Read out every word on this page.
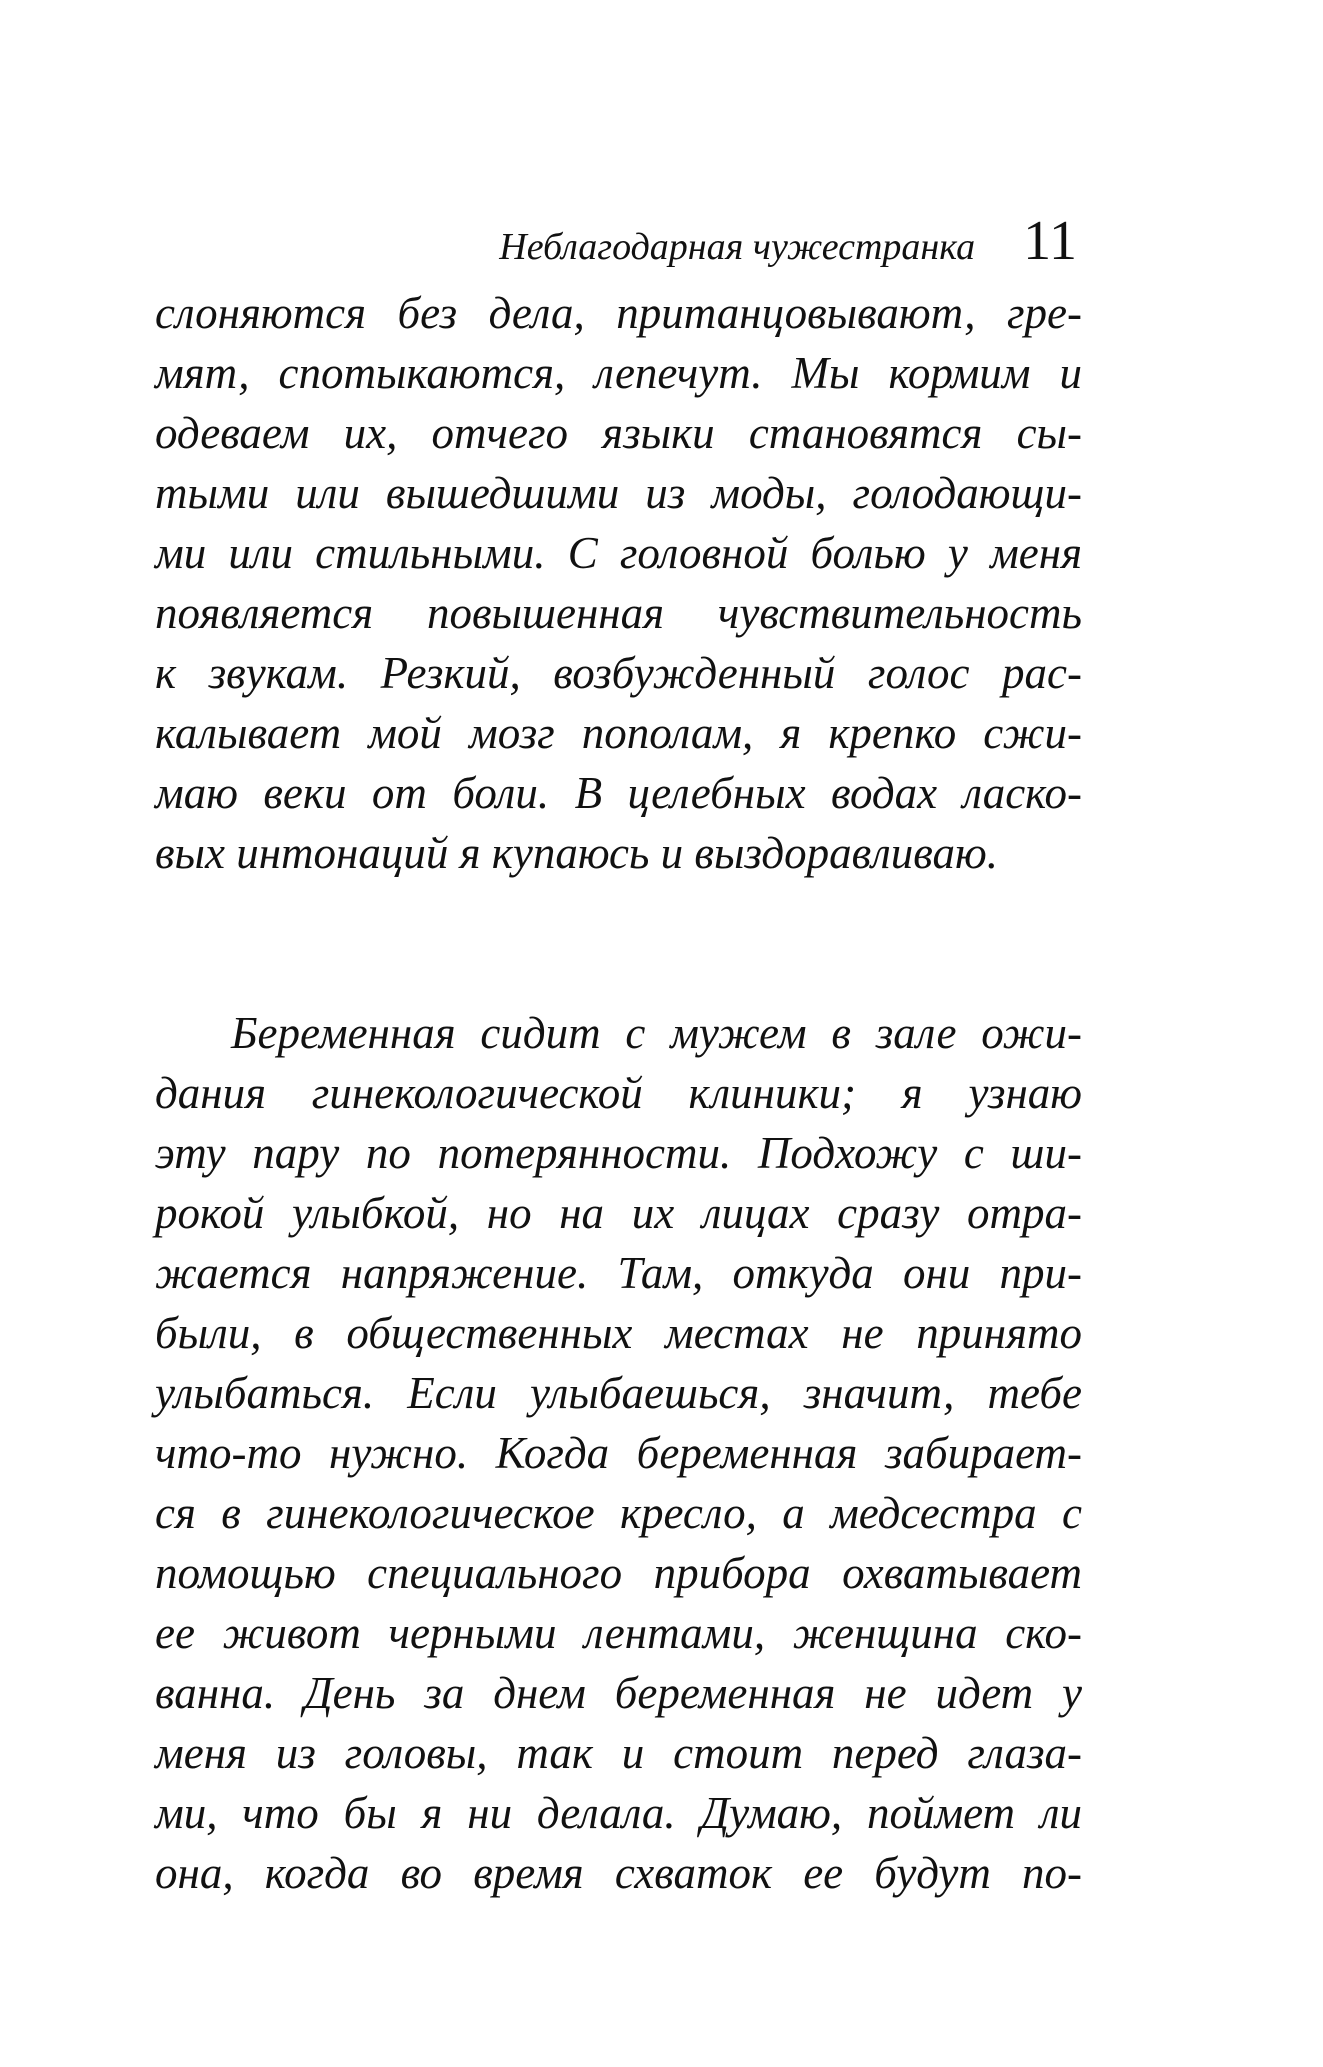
Неблагодарная чужестранка 11
слоняются без дела, пританцовывают, гре-
мят, спотыкаются, лепечут. Мы кормим и
одеваем их, отчего языки становятся сы-
тыми или вышедшими из моды, голодающи-
ми или стильными. С головной болью у меня
появляется повышенная чувствительность
к звукам. Резкий, возбужденный голос рас-
калывает мой мозг пополам, я крепко сжи-
маю веки от боли. В целебных водах ласко-
вых интонаций я купаюсь и выздоравливаю.
Беременная сидит с мужем в зале ожи-
дания гинекологической клиники; я узнаю
эту пару по потерянности. Подхожу с ши-
рокой улыбкой, но на их лицах сразу отра-
жается напряжение. Там, откуда они при-
были, в общественных местах не принято
улыбаться. Если улыбаешься, значит, тебе
что-то нужно. Когда беременная забирает-
ся в гинекологическое кресло, а медсестра с
помощью специального прибора охватывает
ее живот черными лентами, женщина ско-
ванна. День за днем беременная не идет у
меня из головы, так и стоит перед глаза-
ми, что бы я ни делала. Думаю, поймет ли
она, когда во время схваток ее будут по-
